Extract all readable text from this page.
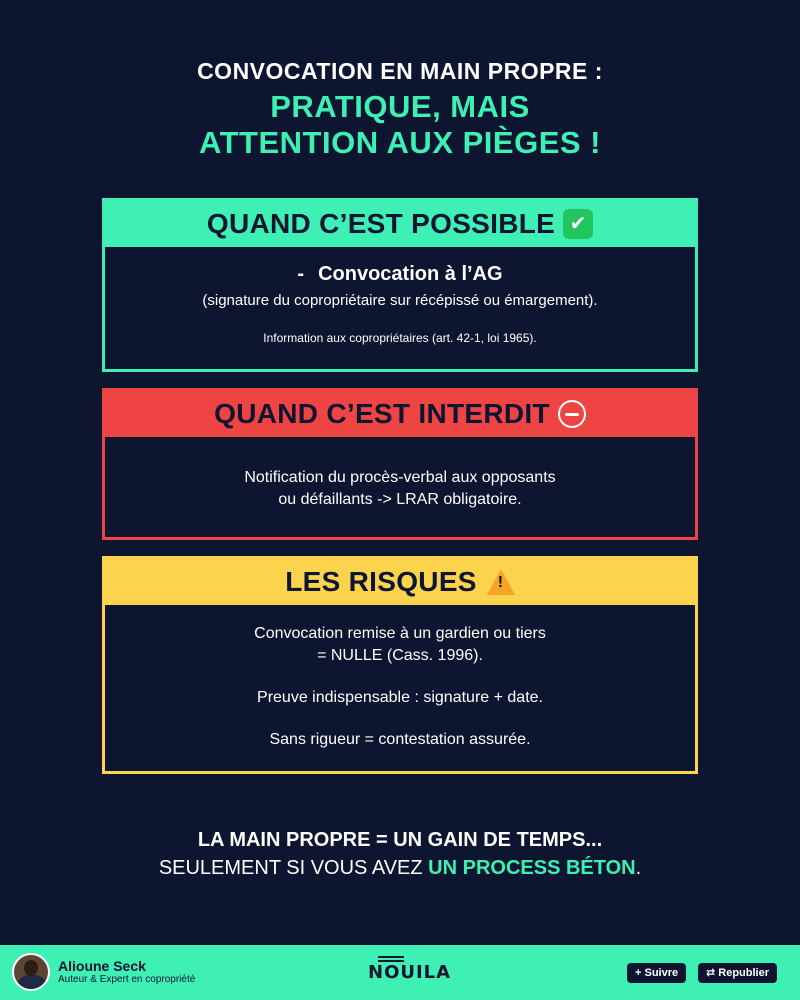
CONVOCATION EN MAIN PROPRE :
PRATIQUE, MAIS
ATTENTION AUX PIÈGES !
QUAND C’EST POSSIBLE ✔
- Convocation à l’AG
(signature du copropriétaire sur récépissé ou émargement).
Information aux copropriétaires (art. 42-1, loi 1965).
QUAND C’EST INTERDIT
Notification du procès-verbal aux opposants
ou défaillants -> LRAR obligatoire.
LES RISQUES !
Convocation remise à un gardien ou tiers
= NULLE (Cass. 1996).
Preuve indispensable : signature + date.
Sans rigueur = contestation assurée.
LA MAIN PROPRE = UN GAIN DE TEMPS...
SEULEMENT SI VOUS AVEZ UN PROCESS BÉTON.
Alioune Seck
Auteur & Expert en copropriété	NOUILA	+ Suivre	⇄ Republier
